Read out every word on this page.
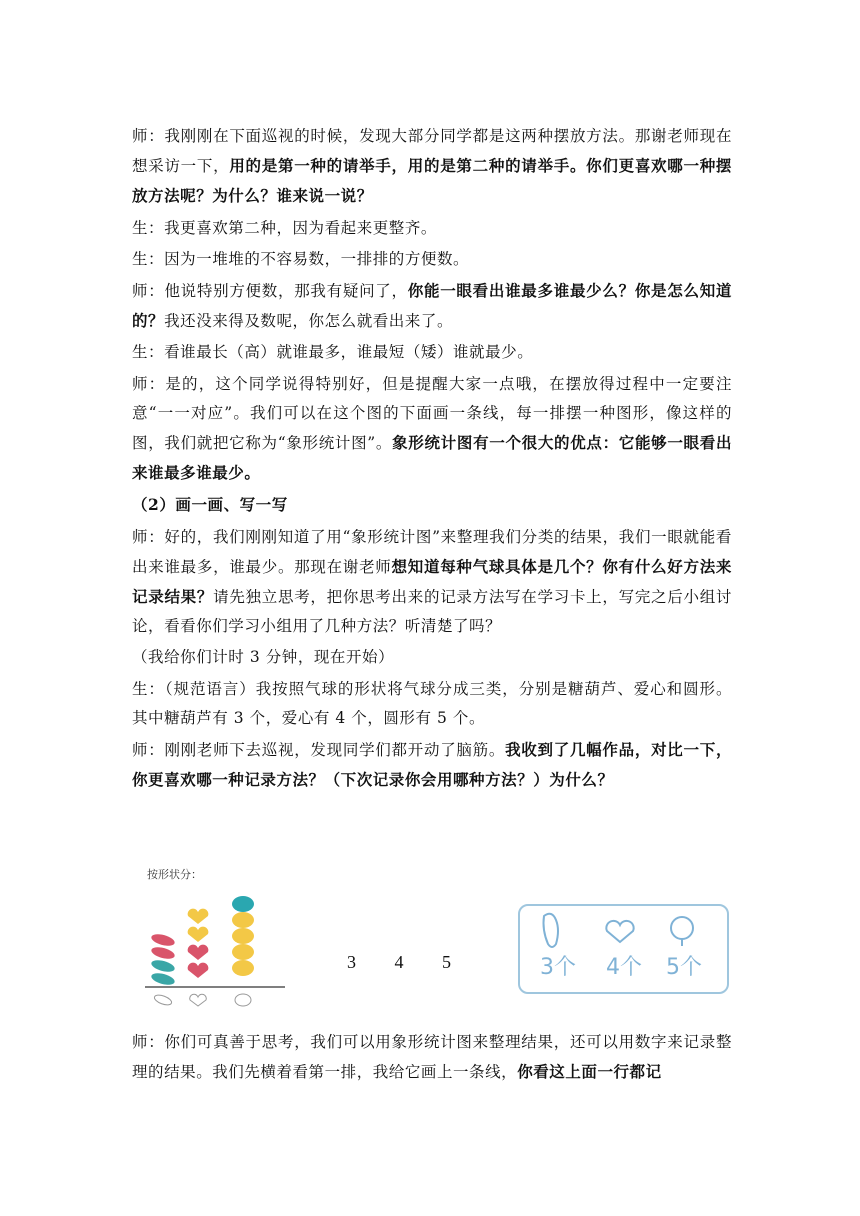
师：我刚刚在下面巡视的时候，发现大部分同学都是这两种摆放方法。那谢老师现在想采访一下，用的是第一种的请举手，用的是第二种的请举手。你们更喜欢哪一种摆放方法呢？为什么？谁来说一说？

生：我更喜欢第二种，因为看起来更整齐。

生：因为一堆堆的不容易数，一排排的方便数。

师：他说特别方便数，那我有疑问了，你能一眼看出谁最多谁最少么？你是怎么知道的？我还没来得及数呢，你怎么就看出来了。

生：看谁最长（高）就谁最多，谁最短（矮）谁就最少。

师：是的，这个同学说得特别好，但是提醒大家一点哦，在摆放得过程中一定要注意“一一对应”。我们可以在这个图的下面画一条线，每一排摆一种图形，像这样的图，我们就把它称为“象形统计图”。象形统计图有一个很大的优点：它能够一眼看出来谁最多谁最少。

（2）画一画、写一写

师：好的，我们刚刚知道了用“象形统计图”来整理我们分类的结果，我们一眼就能看出来谁最多，谁最少。那现在谢老师想知道每种气球具体是几个？你有什么好方法来记录结果？请先独立思考，把你思考出来的记录方法写在学习卡上，写完之后小组讨论，看看你们学习小组用了几种方法？听清楚了吗？

（我给你们计时 3 分钟，现在开始）

生：（规范语言）我按照气球的形状将气球分成三类，分别是糖葫芦、爱心和圆形。其中糖葫芦有 3 个，爱心有 4 个，圆形有 5 个。

师：刚刚老师下去巡视，发现同学们都开动了脑筋。我收到了几幅作品，对比一下，你更喜欢哪一种记录方法？（下次记录你会用哪种方法？）为什么？

按形状分：
3 4 5	3个 4个 5个

师：你们可真善于思考，我们可以用象形统计图来整理结果，还可以用数字来记录整理的结果。我们先横着看第一排，我给它画上一条线，你看这上面一行都记
